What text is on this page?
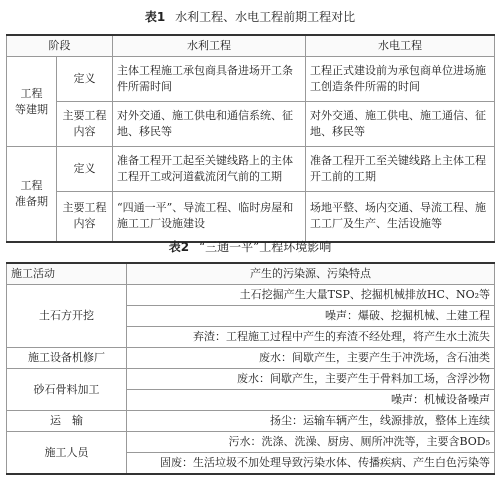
表1 水利工程、水电工程前期工程对比
阶段		水利工程	水电工程
工程
等建期	定义	主体工程施工承包商具备进场开工条件所需时间	工程正式建设前为承包商单位进场施工创造条件所需的时间
	主要工程内容	对外交通、施工供电和通信系统、征地、移民等	对外交通、施工供电、施工通信、征地、移民等
工程
准备期	定义	准备工程开工起至关键线路上的主体工程开工或河道截流闭气前的工期	准备工程开工至关键线路上主体工程开工前的工期
	主要工程内容	“四通一平”、导流工程、临时房屋和施工工厂设施建设	场地平整、场内交通、导流工程、施工工厂及生产、生活设施等
表2 “三通一平”工程环境影响
施工活动	产生的污染源、污染特点
土石方开挖	土石挖掘产生大量TSP、挖掘机械排放HC、NO₂等
	噪声：爆破、挖掘机械、土建工程
	弃渣：工程施工过程中产生的弃渣不经处理，将产生水土流失
施工设备机修厂	废水：间歇产生，主要产生于冲洗场，含石油类
砂石骨料加工	废水：间歇产生，主要产生于骨料加工场，含浮沙物
	噪声：机械设备噪声
运　输	扬尘：运输车辆产生，线源排放，整体上连续
施工人员	污水：洗涤、洗澡、厨房、厕所冲洗等，主要含BOD₅
	固废：生活垃圾不加处理导致污染水体、传播疾病、产生白色污染等
